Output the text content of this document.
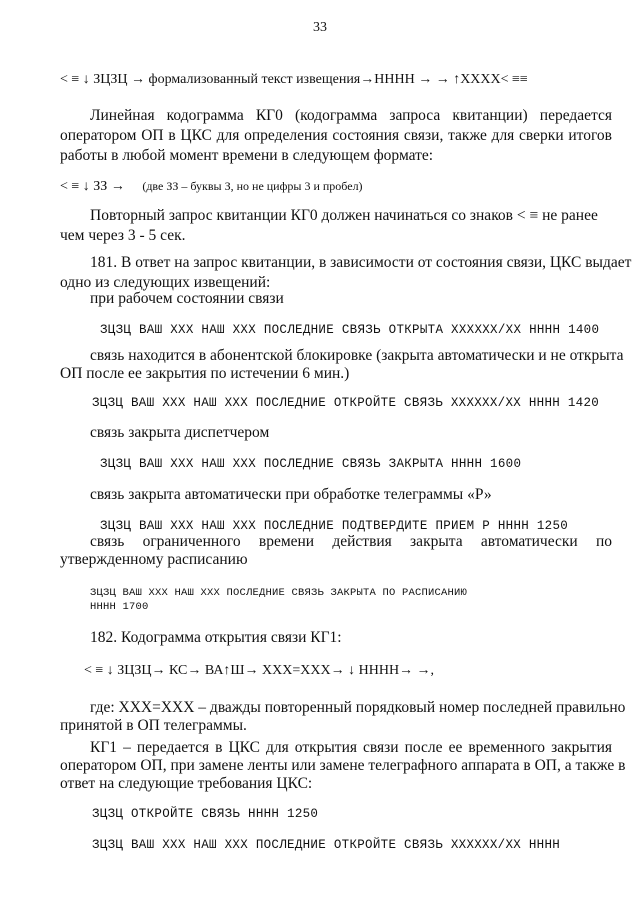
33
< ≡ ↓ ЗЦЗЦ → формализованный текст извещения→НННН → → ↑ХХХХ< ≡≡
Линейная кодограмма КГ0 (кодограмма запроса квитанции) передается
оператором ОП в ЦКС для определения состояния связи, также для сверки итогов
работы в любой момент времени в следующем формате:
< ≡ ↓ ЗЗ → (две ЗЗ – буквы З, но не цифры 3 и пробел)
Повторный запрос квитанции КГ0 должен начинаться со знаков < ≡ не ранее
чем через 3 - 5 сек.
181. В ответ на запрос квитанции, в зависимости от состояния связи, ЦКС выдает
одно из следующих извещений:
при рабочем состоянии связи
ЗЦЗЦ ВАШ ХХХ НАШ ХХХ ПОСЛЕДНИЕ СВЯЗЬ ОТКРЫТА ХХХХХХ/ХХ НННН 1400
связь находится в абонентской блокировке (закрыта автоматически и не открыта
ОП после ее закрытия по истечении 6 мин.)
ЗЦЗЦ ВАШ ХХХ НАШ ХХХ ПОСЛЕДНИЕ ОТКРОЙТЕ СВЯЗЬ ХХХХХХ/ХХ НННН 1420
связь закрыта диспетчером
ЗЦЗЦ ВАШ ХХХ НАШ ХХХ ПОСЛЕДНИЕ СВЯЗЬ ЗАКРЫТА НННН 1600
связь закрыта автоматически при обработке телеграммы «Р»
ЗЦЗЦ ВАШ ХХХ НАШ ХХХ ПОСЛЕДНИЕ ПОДТВЕРДИТЕ ПРИЕМ Р НННН 1250
связь ограниченного времени действия закрыта автоматически по
утвержденному расписанию
ЗЦЗЦ ВАШ ХХХ НАШ ХХХ ПОСЛЕДНИЕ СВЯЗЬ ЗАКРЫТА ПО РАСПИСАНИЮ
НННН 1700
182. Кодограмма открытия связи КГ1:
< ≡ ↓ ЗЦЗЦ→ КС→ ВА↑Ш→ ХХХ=ХХХ→ ↓ НННН→ →,
где: ХХХ=ХХХ – дважды повторенный порядковый номер последней правильно
принятой в ОП телеграммы.
КГ1 – передается в ЦКС для открытия связи после ее временного закрытия
оператором ОП, при замене ленты или замене телеграфного аппарата в ОП, а также в
ответ на следующие требования ЦКС:
ЗЦЗЦ ОТКРОЙТЕ СВЯЗЬ НННН 1250
ЗЦЗЦ ВАШ ХХХ НАШ ХХХ ПОСЛЕДНИЕ ОТКРОЙТЕ СВЯЗЬ ХХХХХХ/ХХ НННН
